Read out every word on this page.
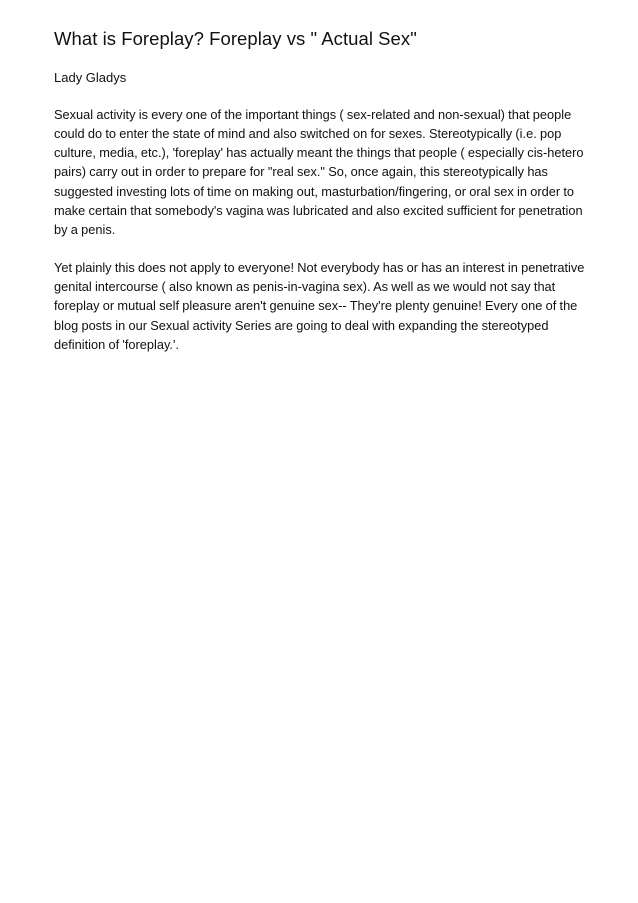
What is Foreplay? Foreplay vs " Actual Sex"

Lady Gladys

Sexual activity is every one of the important things ( sex-related and non-sexual) that people could do to enter the state of mind and also switched on for sexes. Stereotypically (i.e. pop culture, media, etc.), 'foreplay' has actually meant the things that people ( especially cis-hetero pairs) carry out in order to prepare for "real sex." So, once again, this stereotypically has suggested investing lots of time on making out, masturbation/fingering, or oral sex in order to make certain that somebody's vagina was lubricated and also excited sufficient for penetration by a penis.

Yet plainly this does not apply to everyone! Not everybody has or has an interest in penetrative genital intercourse ( also known as penis-in-vagina sex). As well as we would not say that foreplay or mutual self pleasure aren't genuine sex-- They're plenty genuine! Every one of the blog posts in our Sexual activity Series are going to deal with expanding the stereotyped definition of 'foreplay.'.
